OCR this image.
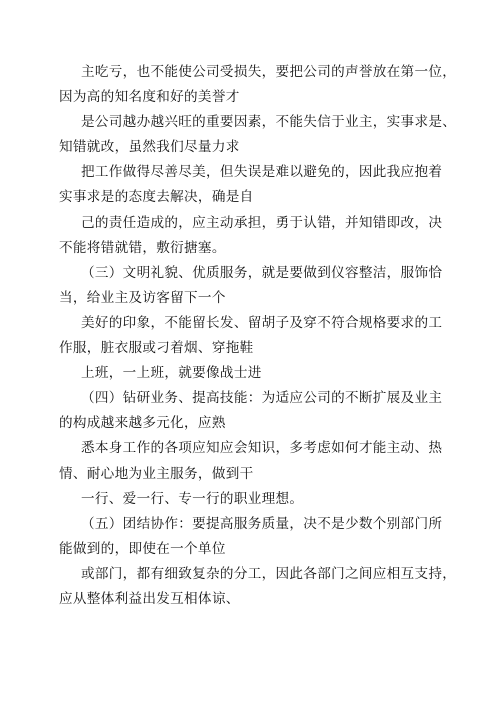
主吃亏，也不能使公司受损失，要把公司的声誉放在第一位，
因为高的知名度和好的美誉才
是公司越办越兴旺的重要因素，不能失信于业主，实事求是、
知错就改，虽然我们尽量力求
把工作做得尽善尽美，但失误是难以避免的，因此我应抱着
实事求是的态度去解决，确是自
己的责任造成的，应主动承担，勇于认错，并知错即改，决
不能将错就错，敷衍搪塞。
（三）文明礼貌、优质服务，就是要做到仪容整洁，服饰恰
当，给业主及访客留下一个
美好的印象，不能留长发、留胡子及穿不符合规格要求的工
作服，脏衣服或刁着烟、穿拖鞋
上班，一上班，就要像战士进
（四）钻研业务、提高技能：为适应公司的不断扩展及业主
的构成越来越多元化，应熟
悉本身工作的各项应知应会知识，多考虑如何才能主动、热
情、耐心地为业主服务，做到干
一行、爱一行、专一行的职业理想。
（五）团结协作：要提高服务质量，决不是少数个别部门所
能做到的，即使在一个单位
或部门，都有细致复杂的分工，因此各部门之间应相互支持，
应从整体利益出发互相体谅、
